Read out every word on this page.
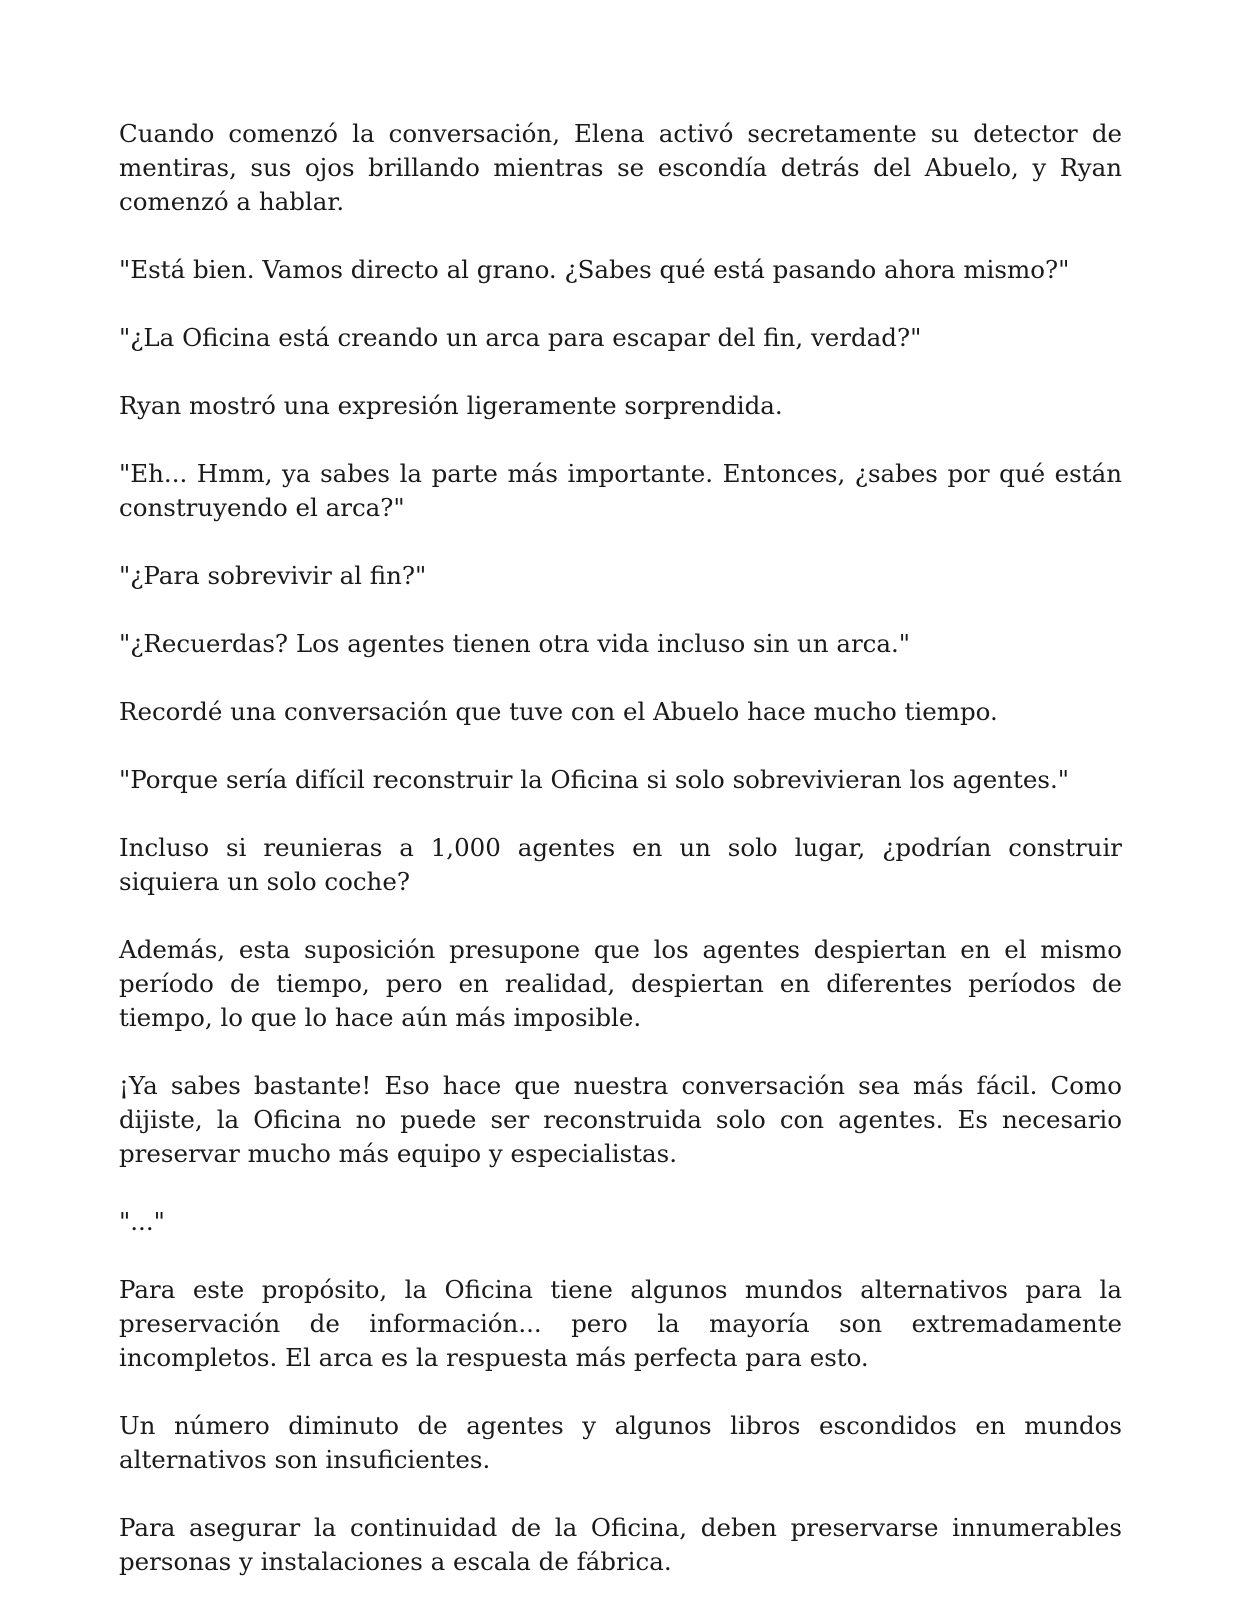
Cuando comenzó la conversación, Elena activó secretamente su detector de mentiras, sus ojos brillando mientras se escondía detrás del Abuelo, y Ryan comenzó a hablar.

"Está bien. Vamos directo al grano. ¿Sabes qué está pasando ahora mismo?"

"¿La Oficina está creando un arca para escapar del fin, verdad?"

Ryan mostró una expresión ligeramente sorprendida.

"Eh... Hmm, ya sabes la parte más importante. Entonces, ¿sabes por qué están construyendo el arca?"

"¿Para sobrevivir al fin?"

"¿Recuerdas? Los agentes tienen otra vida incluso sin un arca."

Recordé una conversación que tuve con el Abuelo hace mucho tiempo.

"Porque sería difícil reconstruir la Oficina si solo sobrevivieran los agentes."

Incluso si reunieras a 1,000 agentes en un solo lugar, ¿podrían construir siquiera un solo coche?

Además, esta suposición presupone que los agentes despiertan en el mismo período de tiempo, pero en realidad, despiertan en diferentes períodos de tiempo, lo que lo hace aún más imposible.

¡Ya sabes bastante! Eso hace que nuestra conversación sea más fácil. Como dijiste, la Oficina no puede ser reconstruida solo con agentes. Es necesario preservar mucho más equipo y especialistas.

"..."

Para este propósito, la Oficina tiene algunos mundos alternativos para la preservación de información... pero la mayoría son extremadamente incompletos. El arca es la respuesta más perfecta para esto.

Un número diminuto de agentes y algunos libros escondidos en mundos alternativos son insuficientes.

Para asegurar la continuidad de la Oficina, deben preservarse innumerables personas y instalaciones a escala de fábrica.
